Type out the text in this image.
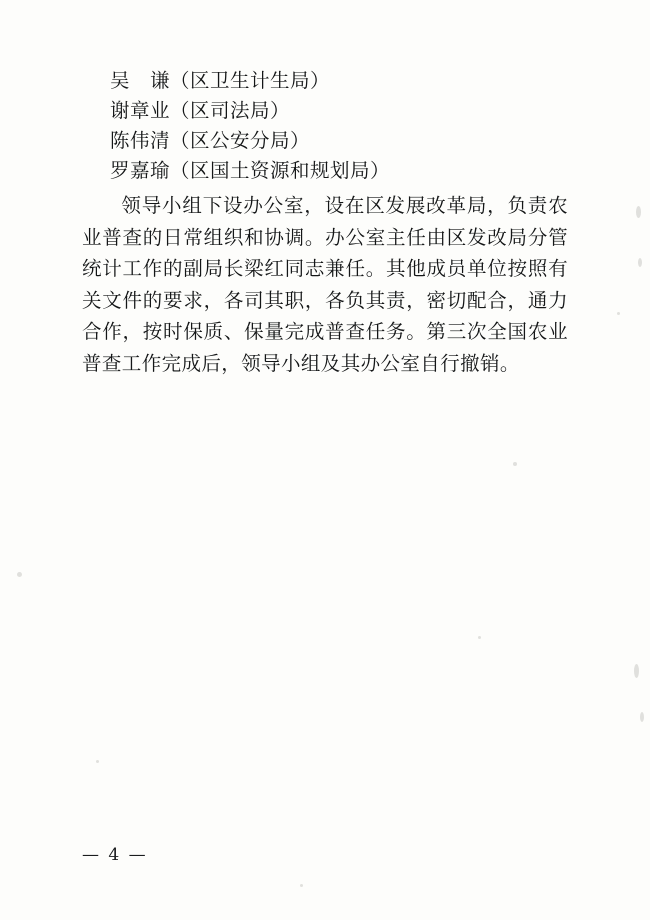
吴　谦（区卫生计生局）
谢章业（区司法局）
陈伟清（区公安分局）
罗嘉瑜（区国土资源和规划局）
领导小组下设办公室，设在区发展改革局，负责农业普查的日常组织和协调。办公室主任由区发改局分管统计工作的副局长梁红同志兼任。其他成员单位按照有关文件的要求，各司其职，各负其责，密切配合，通力合作，按时保质、保量完成普查任务。第三次全国农业普查工作完成后，领导小组及其办公室自行撤销。
— 4 —
